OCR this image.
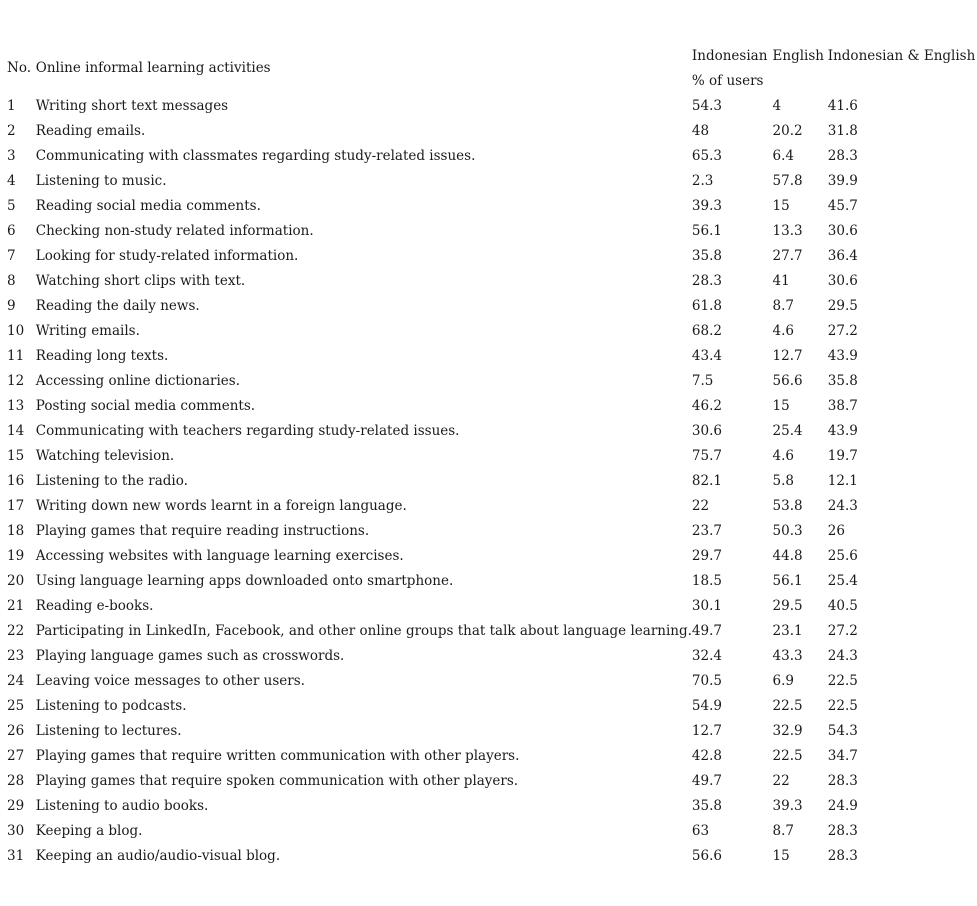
No.	Online informal learning activities	Indonesian	English	Indonesian & English
		% of users		
1	Writing short text messages	54.3	4	41.6
2	Reading emails.	48	20.2	31.8
3	Communicating with classmates regarding study-related issues.	65.3	6.4	28.3
4	Listening to music.	2.3	57.8	39.9
5	Reading social media comments.	39.3	15	45.7
6	Checking non-study related information.	56.1	13.3	30.6
7	Looking for study-related information.	35.8	27.7	36.4
8	Watching short clips with text.	28.3	41	30.6
9	Reading the daily news.	61.8	8.7	29.5
10	Writing emails.	68.2	4.6	27.2
11	Reading long texts.	43.4	12.7	43.9
12	Accessing online dictionaries.	7.5	56.6	35.8
13	Posting social media comments.	46.2	15	38.7
14	Communicating with teachers regarding study-related issues.	30.6	25.4	43.9
15	Watching television.	75.7	4.6	19.7
16	Listening to the radio.	82.1	5.8	12.1
17	Writing down new words learnt in a foreign language.	22	53.8	24.3
18	Playing games that require reading instructions.	23.7	50.3	26
19	Accessing websites with language learning exercises.	29.7	44.8	25.6
20	Using language learning apps downloaded onto smartphone.	18.5	56.1	25.4
21	Reading e-books.	30.1	29.5	40.5
22	Participating in LinkedIn, Facebook, and other online groups that talk about language learning.	49.7	23.1	27.2
23	Playing language games such as crosswords.	32.4	43.3	24.3
24	Leaving voice messages to other users.	70.5	6.9	22.5
25	Listening to podcasts.	54.9	22.5	22.5
26	Listening to lectures.	12.7	32.9	54.3
27	Playing games that require written communication with other players.	42.8	22.5	34.7
28	Playing games that require spoken communication with other players.	49.7	22	28.3
29	Listening to audio books.	35.8	39.3	24.9
30	Keeping a blog.	63	8.7	28.3
31	Keeping an audio/audio-visual blog.	56.6	15	28.3
